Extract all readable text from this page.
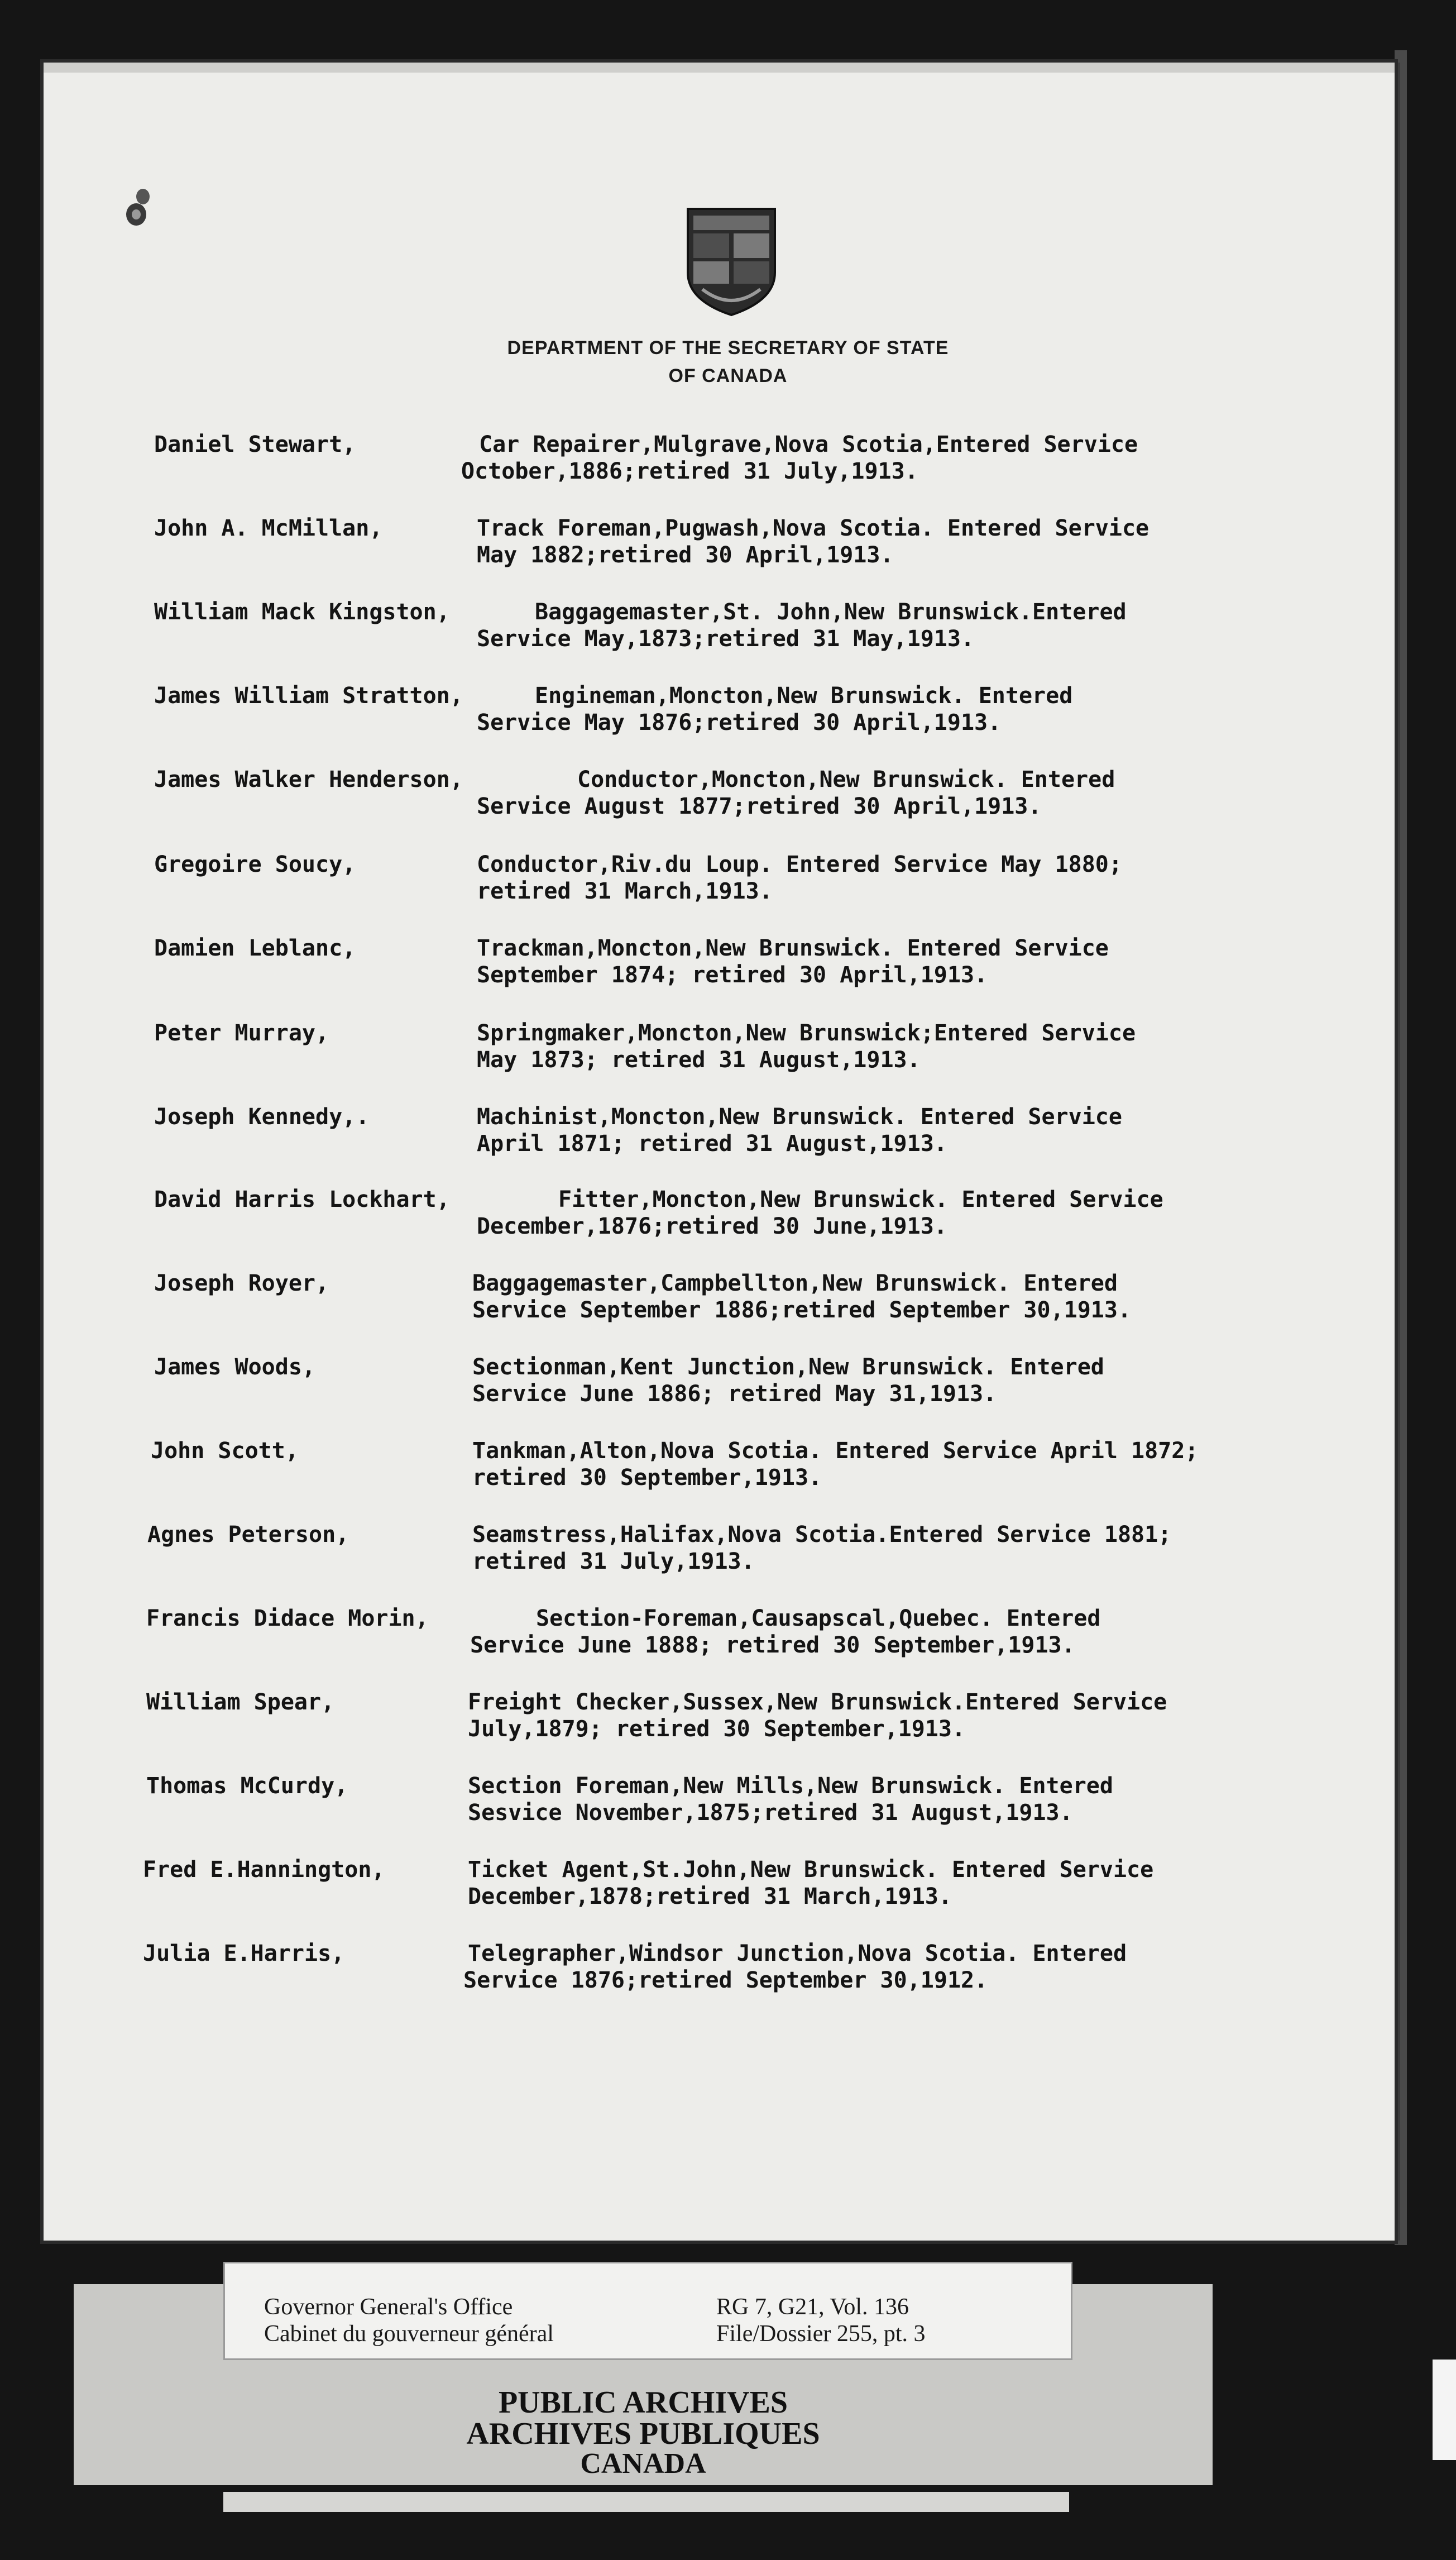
DEPARTMENT OF THE SECRETARY OF STATE
OF CANADA
Daniel Stewart,	Car Repairer,Mulgrave,Nova Scotia,Entered Service
October,1886;retired 31 July,1913.
John A. McMillan,	Track Foreman,Pugwash,Nova Scotia. Entered Service
May 1882;retired 30 April,1913.
William Mack Kingston,	Baggagemaster,St. John,New Brunswick.Entered
Service May,1873;retired 31 May,1913.
James William Stratton,	Engineman,Moncton,New Brunswick. Entered
Service May 1876;retired 30 April,1913.
James Walker Henderson,	Conductor,Moncton,New Brunswick. Entered
Service August 1877;retired 30 April,1913.
Gregoire Soucy,	Conductor,Riv.du Loup. Entered Service May 1880;
retired 31 March,1913.
Damien Leblanc,	Trackman,Moncton,New Brunswick. Entered Service
September 1874; retired 30 April,1913.
Peter Murray,	Springmaker,Moncton,New Brunswick;Entered Service
May 1873; retired 31 August,1913.
Joseph Kennedy,.	Machinist,Moncton,New Brunswick. Entered Service
April 1871; retired 31 August,1913.
David Harris Lockhart,	Fitter,Moncton,New Brunswick. Entered Service
December,1876;retired 30 June,1913.
Joseph Royer,	Baggagemaster,Campbellton,New Brunswick. Entered
Service September 1886;retired September 30,1913.
James Woods,	Sectionman,Kent Junction,New Brunswick. Entered
Service June 1886; retired May 31,1913.
John Scott,	Tankman,Alton,Nova Scotia. Entered Service April 1872;
retired 30 September,1913.
Agnes Peterson,	Seamstress,Halifax,Nova Scotia.Entered Service 1881;
retired 31 July,1913.
Francis Didace Morin,	Section-Foreman,Causapscal,Quebec. Entered
Service June 1888; retired 30 September,1913.
William Spear,	Freight Checker,Sussex,New Brunswick.Entered Service
July,1879; retired 30 September,1913.
Thomas McCurdy,	Section Foreman,New Mills,New Brunswick. Entered
Sesvice November,1875;retired 31 August,1913.
Fred E.Hannington,	Ticket Agent,St.John,New Brunswick. Entered Service
December,1878;retired 31 March,1913.
Julia E.Harris,	Telegrapher,Windsor Junction,Nova Scotia. Entered
Service 1876;retired September 30,1912.
PUBLIC ARCHIVES
ARCHIVES PUBLIQUES
CANADA
Governor General's Office
Cabinet du gouverneur général
RG 7, G21, Vol. 136
File/Dossier 255, pt. 3
